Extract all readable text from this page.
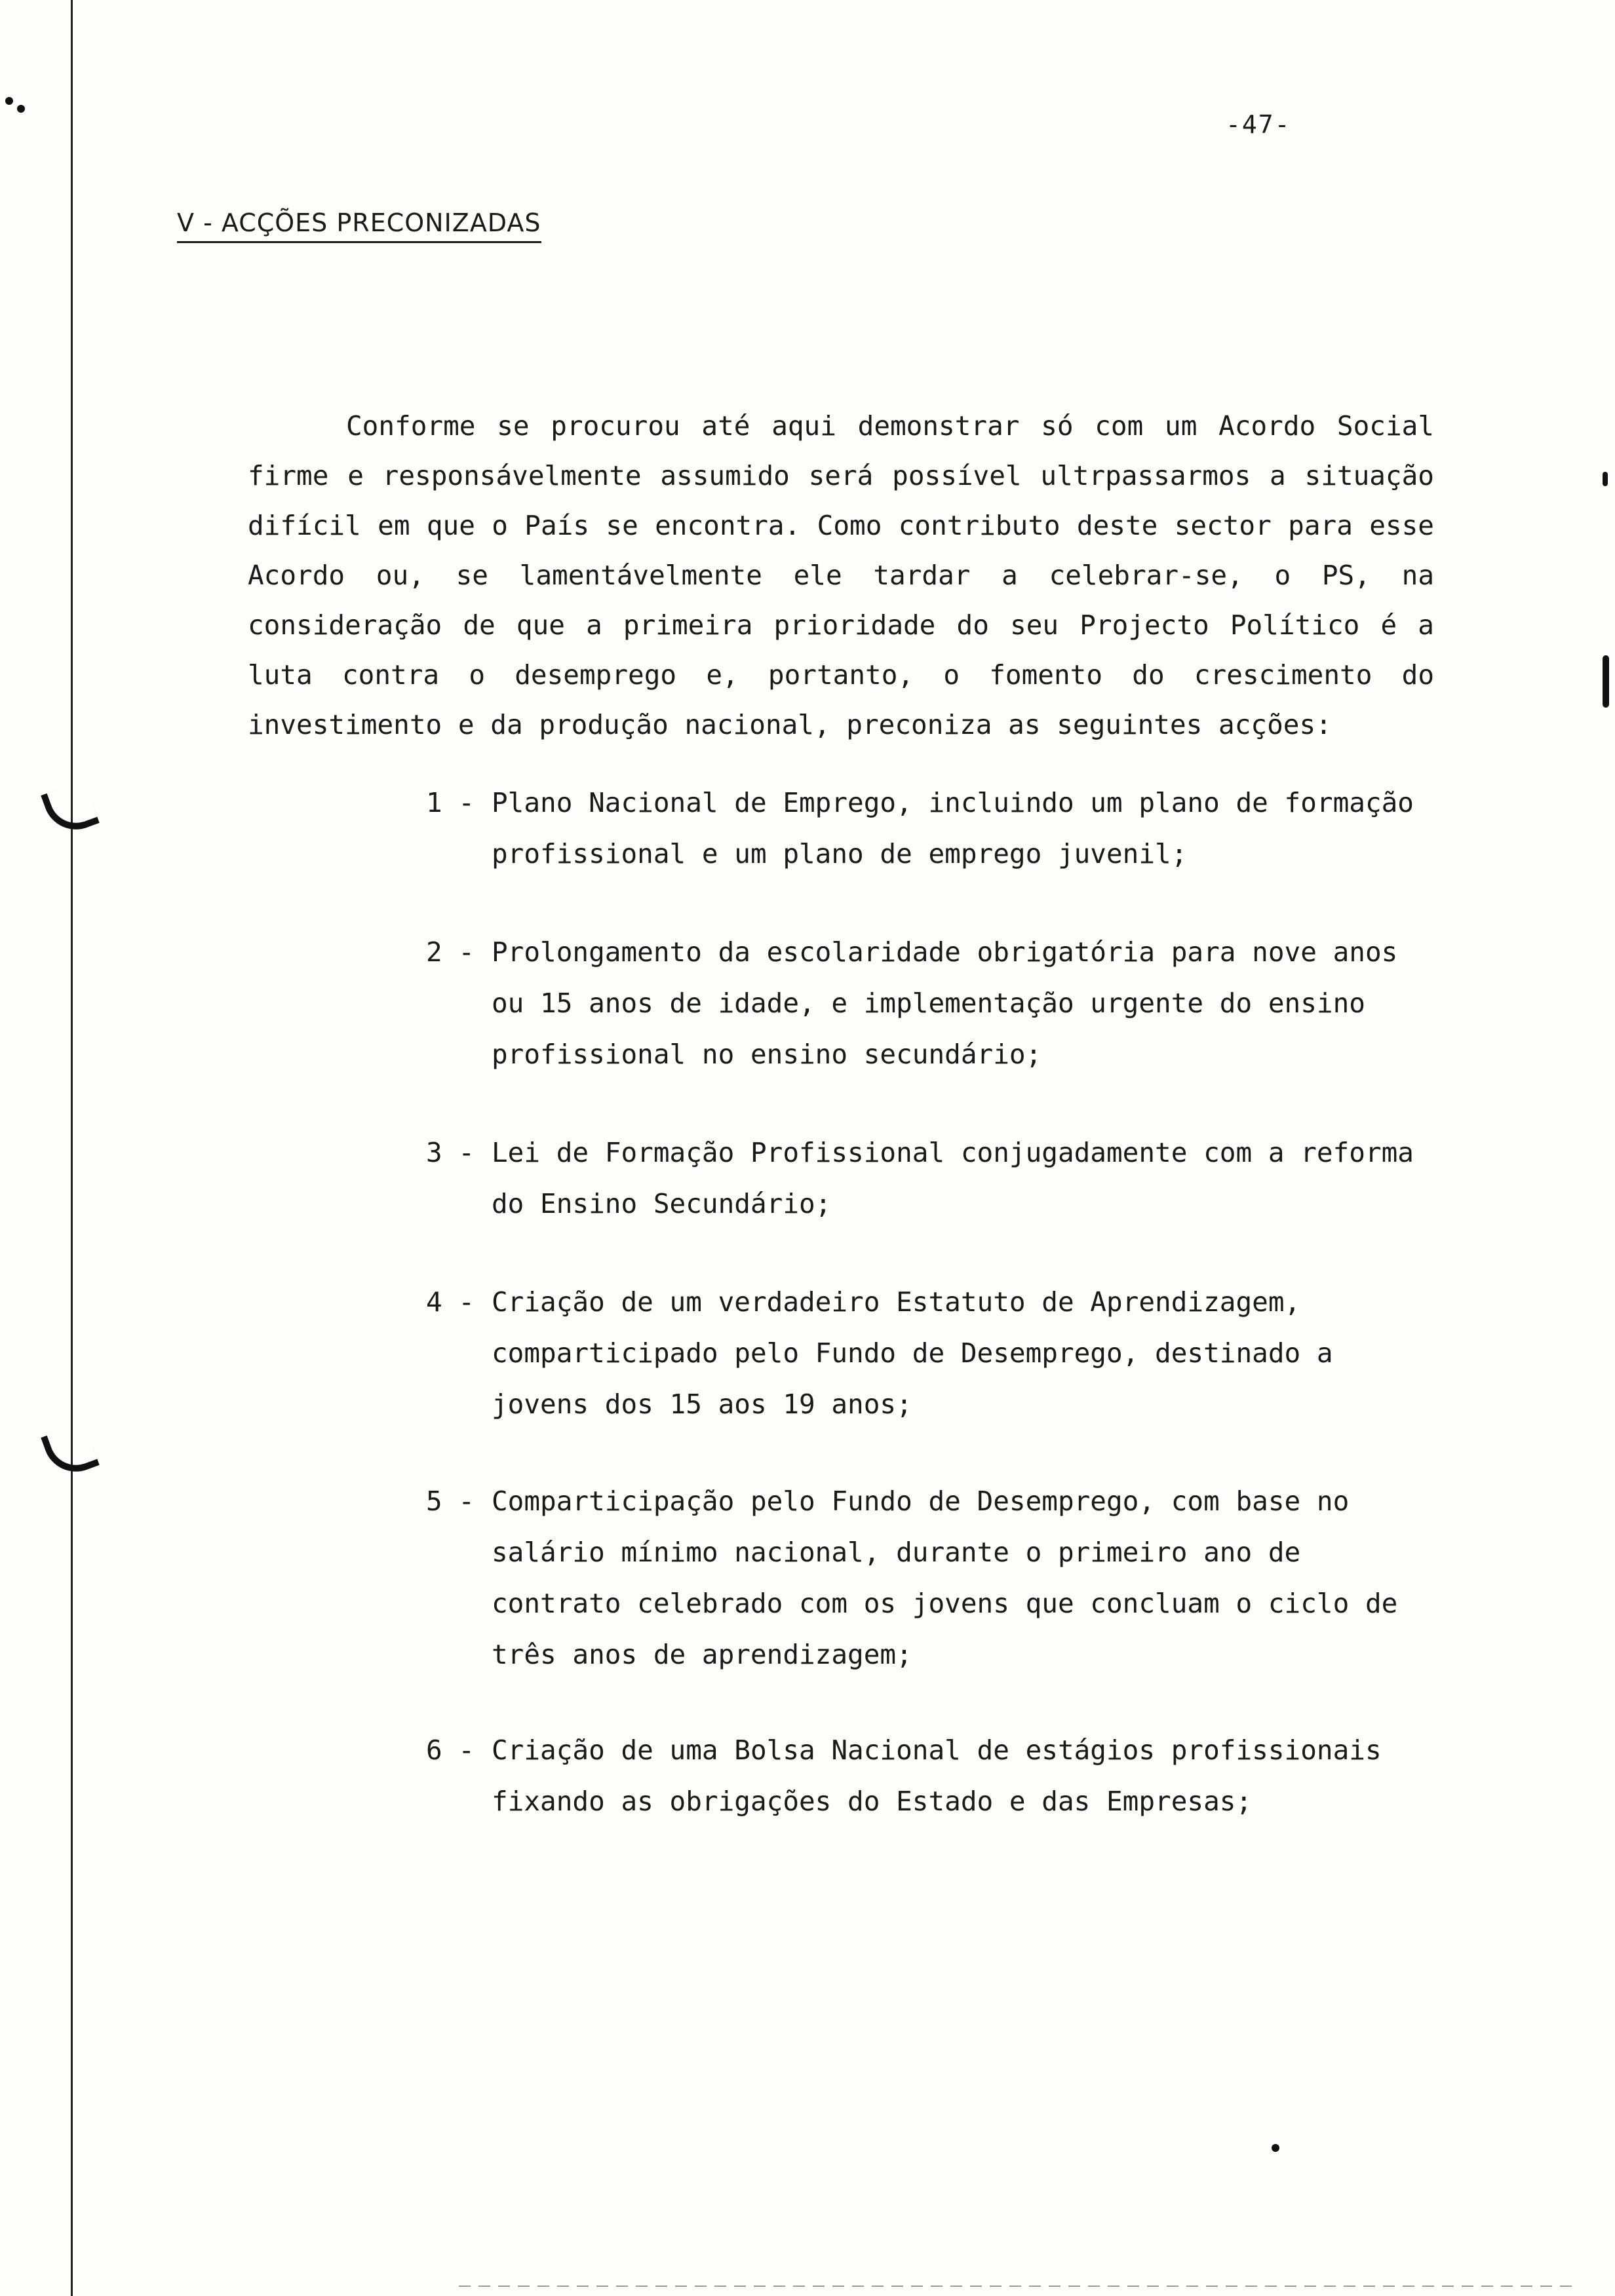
-47-
V - ACÇÕES PRECONIZADAS

Conforme se procurou até aqui demonstrar só com um Acordo Social firme e responsávelmente assumido será possível ultrpassarmos a situação difícil em que o País se encontra. Como contributo deste sector para esse Acordo ou, se lamentávelmente ele tardar a celebrar-se, o PS, na consideração de que a primeira prioridade do seu Projecto Político é a luta contra o desemprego e, portanto, o fomento do crescimento do investimento e da produção nacional, preconiza as seguintes acções:

1 - Plano Nacional de Emprego, incluindo um plano de formação profissional e um plano de emprego juvenil;
2 - Prolongamento da escolaridade obrigatória para nove anos ou 15 anos de idade, e implementação urgente do ensino profissional no ensino secundário;
3 - Lei de Formação Profissional conjugadamente com a reforma do Ensino Secundário;
4 - Criação de um verdadeiro Estatuto de Aprendizagem, comparticipado pelo Fundo de Desemprego, destinado a jovens dos 15 aos 19 anos;
5 - Comparticipação pelo Fundo de Desemprego, com base no salário mínimo nacional, durante o primeiro ano de contrato celebrado com os jovens que concluam o ciclo de três anos de aprendizagem;
6 - Criação de uma Bolsa Nacional de estágios profissionais fixando as obrigações do Estado e das Empresas;
